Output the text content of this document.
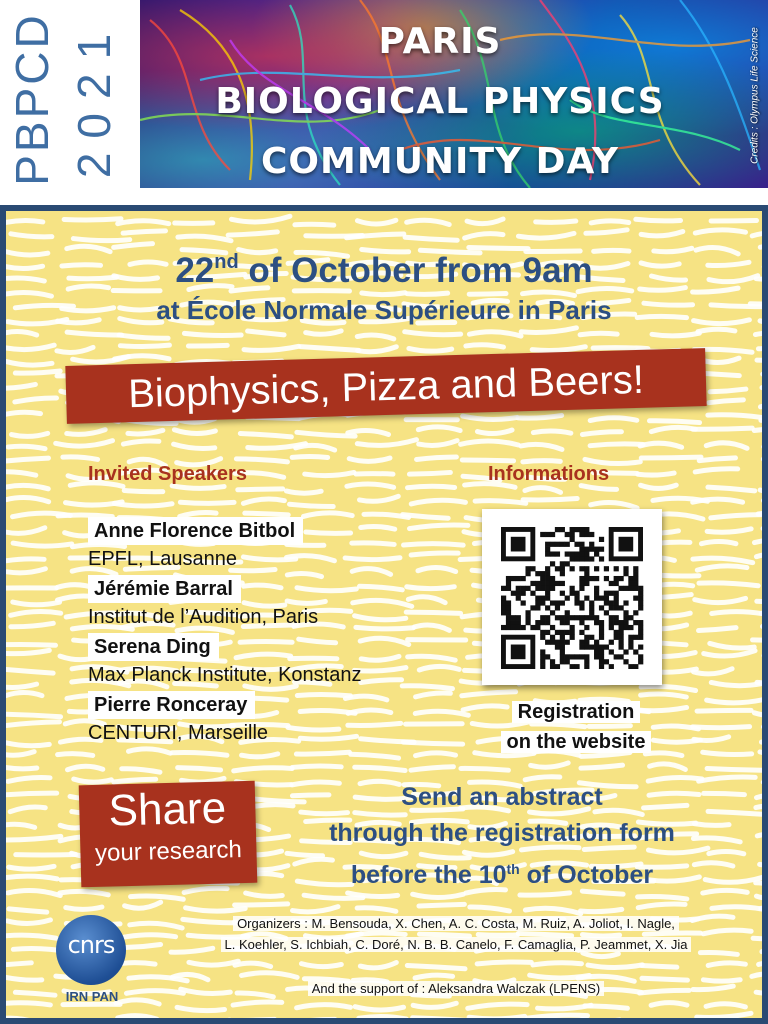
PBPCD 2021	PARIS
BIOLOGICAL PHYSICS
COMMUNITY DAY	Credits : Olympus Life Science
22nd of October from 9am
at École Normale Supérieure in Paris
Biophysics, Pizza and Beers!
Invited Speakers	Informations
Anne Florence Bitbol
EPFL, Lausanne
Jérémie Barral
Institut de l’Audition, Paris
Serena Ding
Max Planck Institute, Konstanz
Pierre Ronceray
CENTURI, Marseille
Registration
on the website
Share
your research
Send an abstract
through the registration form
before the 10th of October
cnrs
IRN PAN
Organizers : M. Bensouda, X. Chen, A. C. Costa, M. Ruiz, A. Joliot, I. Nagle,
L. Koehler, S. Ichbiah, C. Doré, N. B. B. Canelo, F. Camaglia, P. Jeammet, X. Jia
And the support of : Aleksandra Walczak (LPENS)
